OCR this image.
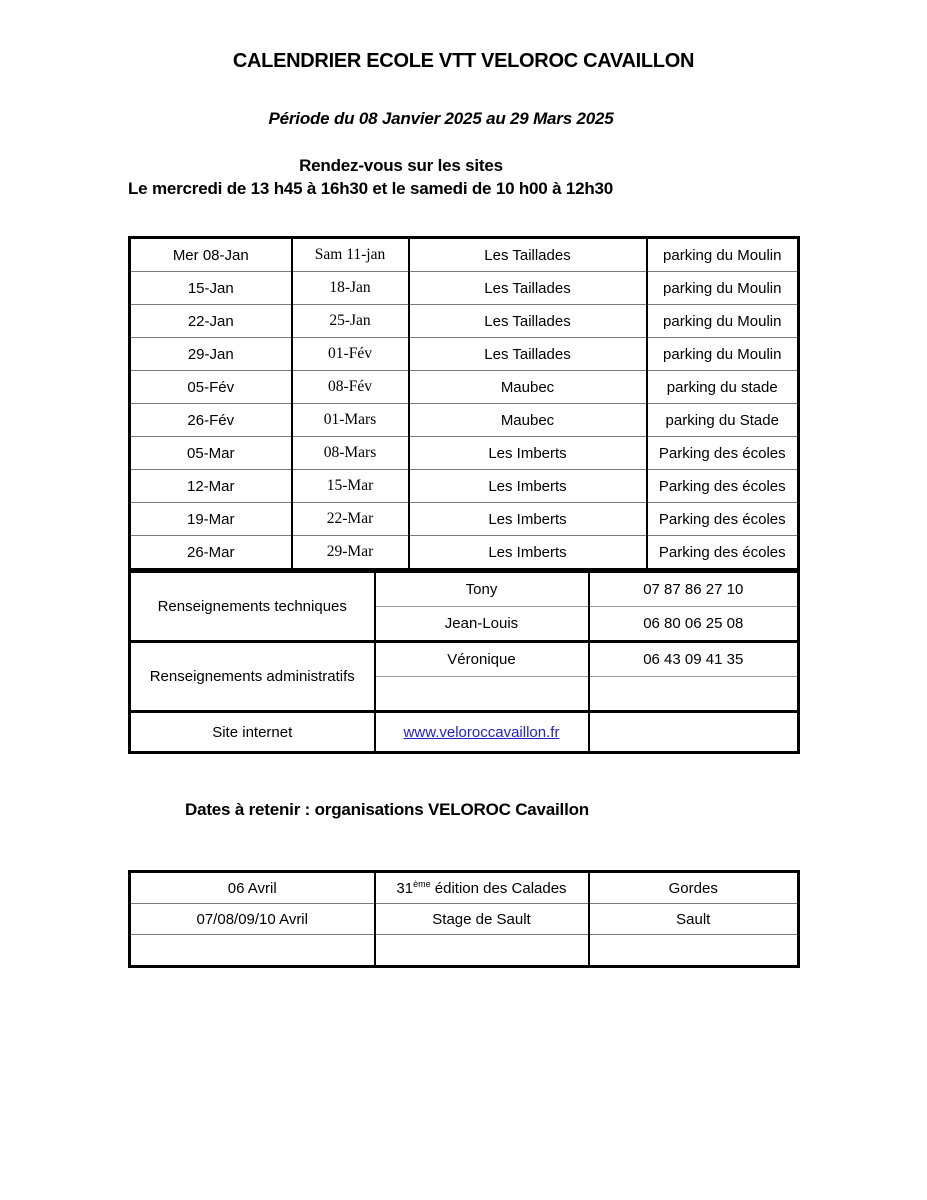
CALENDRIER ECOLE VTT VELOROC CAVAILLON
Période du 08 Janvier 2025 au 29 Mars 2025
Rendez-vous sur les sites
Le mercredi de 13 h45 à 16h30 et le samedi de 10 h00 à 12h30
Mer 08-Jan	Sam 11-jan	Les Taillades	parking du Moulin
15-Jan	18-Jan	Les Taillades	parking du Moulin
22-Jan	25-Jan	Les Taillades	parking du Moulin
29-Jan	01-Fév	Les Taillades	parking du Moulin
05-Fév	08-Fév	Maubec	parking du stade
26-Fév	01-Mars	Maubec	parking du Stade
05-Mar	08-Mars	Les Imberts	Parking des écoles
12-Mar	15-Mar	Les Imberts	Parking des écoles
19-Mar	22-Mar	Les Imberts	Parking des écoles
26-Mar	29-Mar	Les Imberts	Parking des écoles
Renseignements techniques	Tony	07 87 86 27 10
	Jean-Louis	06 80 06 25 08
Renseignements administratifs	Véronique	06 43 09 41 35

Site internet	www.veloroccavaillon.fr	
Dates à retenir : organisations VELOROC Cavaillon
06 Avril	31ème édition des Calades	Gordes
07/08/09/10 Avril	Stage de Sault	Sault
